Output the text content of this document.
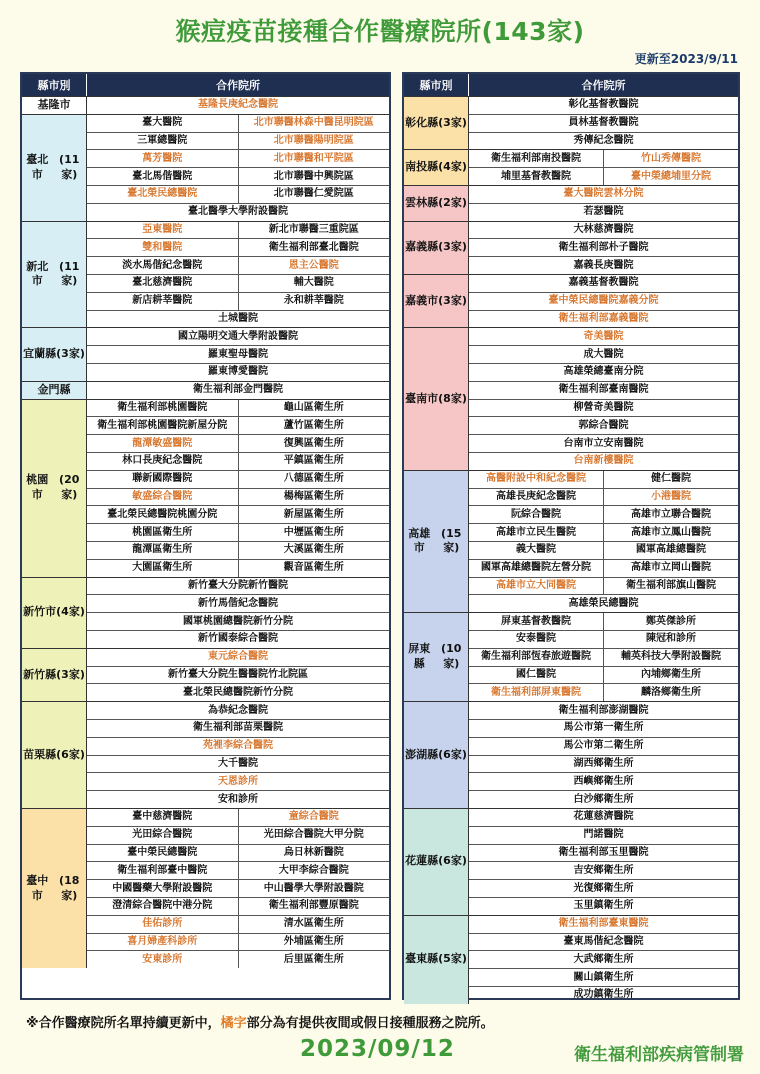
猴痘疫苗接種合作醫療院所(143家)
更新至2023/9/11
縣市別	合作院所
基隆市	基隆長庚紀念醫院
臺北市

(11家)
臺大醫院	北市聯醫林森中醫昆明院區
三軍總醫院	北市聯醫陽明院區
萬芳醫院	北市聯醫和平院區
臺北馬偕醫院	北市聯醫中興院區
臺北榮民總醫院	北市聯醫仁愛院區
臺北醫學大學附設醫院
新北市

(11家)
亞東醫院	新北市聯醫三重院區
雙和醫院	衛生福利部臺北醫院
淡水馬偕紀念醫院	恩主公醫院
臺北慈濟醫院	輔大醫院
新店耕莘醫院	永和耕莘醫院
土城醫院
宜蘭縣 (3家)
國立陽明交通大學附設醫院
羅東聖母醫院
羅東博愛醫院
金門縣	衛生福利部金門醫院
桃園市

(20家)
衛生福利部桃園醫院	龜山區衛生所
衛生福利部桃園醫院新屋分院	蘆竹區衛生所
龍潭敏盛醫院	復興區衛生所
林口長庚紀念醫院	平鎮區衛生所
聯新國際醫院	八德區衛生所
敏盛綜合醫院	楊梅區衛生所
臺北榮民總醫院桃園分院	新屋區衛生所
桃園區衛生所	中壢區衛生所
龍潭區衛生所	大溪區衛生所
大園區衛生所	觀音區衛生所
新竹市 (4家)
新竹臺大分院新竹醫院
新竹馬偕紀念醫院
國軍桃園總醫院新竹分院
新竹國泰綜合醫院
新竹縣 (3家)
東元綜合醫院
新竹臺大分院生醫醫院竹北院區
臺北榮民總醫院新竹分院
苗栗縣 (6家)
為恭紀念醫院
衛生福利部苗栗醫院
苑裡李綜合醫院
大千醫院
天恩診所
安和診所
臺中市

(18家)
臺中慈濟醫院	童綜合醫院
光田綜合醫院	光田綜合醫院大甲分院
臺中榮民總醫院	烏日林新醫院
衛生福利部臺中醫院	大甲李綜合醫院
中國醫藥大學附設醫院	中山醫學大學附設醫院
澄清綜合醫院中港分院	衛生福利部豐原醫院
佳佑診所	清水區衛生所
喜月婦產科診所	外埔區衛生所
安東診所	后里區衛生所
縣市別	合作院所
彰化縣 (3家)
彰化基督教醫院
員林基督教醫院
秀傳紀念醫院
南投縣 (4家)
衛生福利部南投醫院	竹山秀傳醫院
埔里基督教醫院	臺中榮總埔里分院
雲林縣 (2家)
臺大醫院雲林分院
若瑟醫院
嘉義縣 (3家)
大林慈濟醫院
衛生福利部朴子醫院
嘉義長庚醫院
嘉義市 (3家)
嘉義基督教醫院
臺中榮民總醫院嘉義分院
衛生福利部嘉義醫院
臺南市 (8家)
奇美醫院
成大醫院
高雄榮總臺南分院
衛生福利部臺南醫院
柳營奇美醫院
郭綜合醫院
台南市立安南醫院
台南新樓醫院
高雄市

(15家)
高醫附設中和紀念醫院	健仁醫院
高雄長庚紀念醫院	小港醫院
阮綜合醫院	高雄市立聯合醫院
高雄市立民生醫院	高雄市立鳳山醫院
義大醫院	國軍高雄總醫院
國軍高雄總醫院左營分院	高雄市立岡山醫院
高雄市立大同醫院	衛生福利部旗山醫院
高雄榮民總醫院
屏東縣

(10家)
屏東基督教醫院	鄭英傑診所
安泰醫院	陳冠和診所
衛生福利部恆春旅遊醫院	輔英科技大學附設醫院
國仁醫院	內埔鄉衛生所
衛生福利部屏東醫院	麟洛鄉衛生所
澎湖縣 (6家)
衛生福利部澎湖醫院
馬公市第一衛生所
馬公市第二衛生所
湖西鄉衛生所
西嶼鄉衛生所
白沙鄉衛生所
花蓮縣 (6家)
花蓮慈濟醫院
門諾醫院
衛生福利部玉里醫院
吉安鄉衛生所
光復鄉衛生所
玉里鎮衛生所
臺東縣 (5家)
衛生福利部臺東醫院
臺東馬偕紀念醫院
大武鄉衛生所
關山鎮衛生所
成功鎮衛生所
※合作醫療院所名單持續更新中，橘字部分為有提供夜間或假日接種服務之院所。
2023/09/12	衛生福利部疾病管制署
